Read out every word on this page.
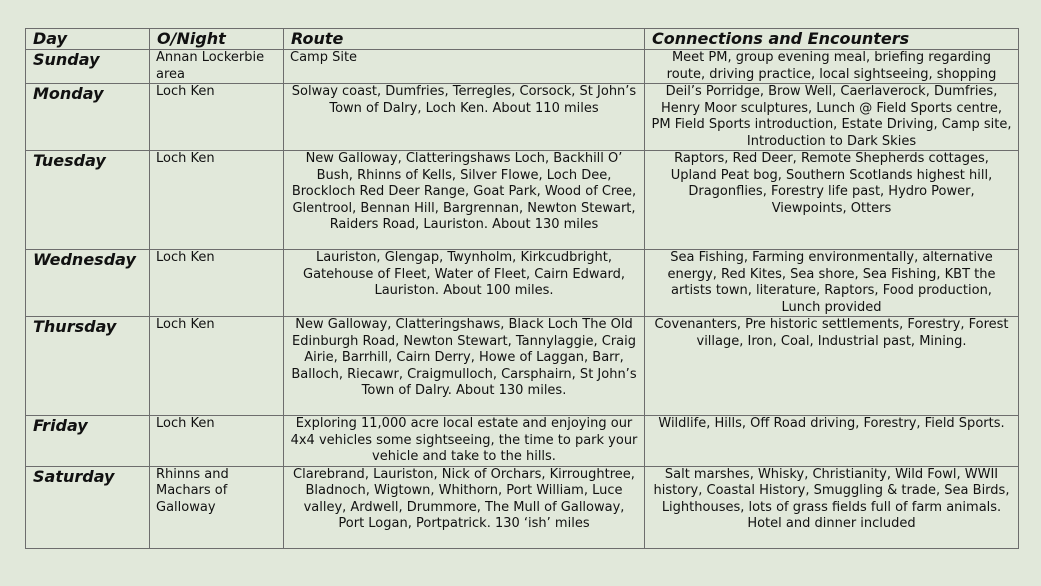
Day	O/Night	Route	Connections and Encounters
Sunday	Annan Lockerbie area	Camp Site	Meet PM, group evening meal, briefing regarding route, driving practice, local sightseeing, shopping
Monday	Loch Ken	Solway coast, Dumfries, Terregles, Corsock, St John’s Town of Dalry, Loch Ken. About 110 miles	Deil’s Porridge, Brow Well, Caerlaverock, Dumfries, Henry Moor sculptures, Lunch @ Field Sports centre, PM Field Sports introduction, Estate Driving, Camp site, Introduction to Dark Skies
Tuesday	Loch Ken	New Galloway, Clatteringshaws Loch, Backhill O’ Bush, Rhinns of Kells, Silver Flowe, Loch Dee, Brockloch Red Deer Range, Goat Park, Wood of Cree, Glentrool, Bennan Hill, Bargrennan, Newton Stewart, Raiders Road, Lauriston. About 130 miles	Raptors, Red Deer, Remote Shepherds cottages, Upland Peat bog, Southern Scotlands highest hill, Dragonflies, Forestry life past, Hydro Power, Viewpoints, Otters
Wednesday	Loch Ken	Lauriston, Glengap, Twynholm, Kirkcudbright, Gatehouse of Fleet, Water of Fleet, Cairn Edward, Lauriston. About 100 miles.	Sea Fishing, Farming environmentally, alternative energy, Red Kites, Sea shore, Sea Fishing, KBT the artists town, literature, Raptors, Food production, Lunch provided
Thursday	Loch Ken	New Galloway, Clatteringshaws, Black Loch The Old Edinburgh Road, Newton Stewart, Tannylaggie, Craig Airie, Barrhill, Cairn Derry, Howe of Laggan, Barr, Balloch, Riecawr, Craigmulloch, Carsphairn, St John’s Town of Dalry. About 130 miles.	Covenanters, Pre historic settlements, Forestry, Forest village, Iron, Coal, Industrial past, Mining.
Friday	Loch Ken	Exploring 11,000 acre local estate and enjoying our 4x4 vehicles some sightseeing, the time to park your vehicle and take to the hills.	Wildlife, Hills, Off Road driving, Forestry, Field Sports.
Saturday	Rhinns and Machars of Galloway	Clarebrand, Lauriston, Nick of Orchars, Kirroughtree, Bladnoch, Wigtown, Whithorn, Port William, Luce valley, Ardwell, Drummore, The Mull of Galloway, Port Logan, Portpatrick. 130 ‘ish’ miles	Salt marshes, Whisky, Christianity, Wild Fowl, WWII history, Coastal History, Smuggling & trade, Sea Birds, Lighthouses, lots of grass fields full of farm animals. Hotel and dinner included
